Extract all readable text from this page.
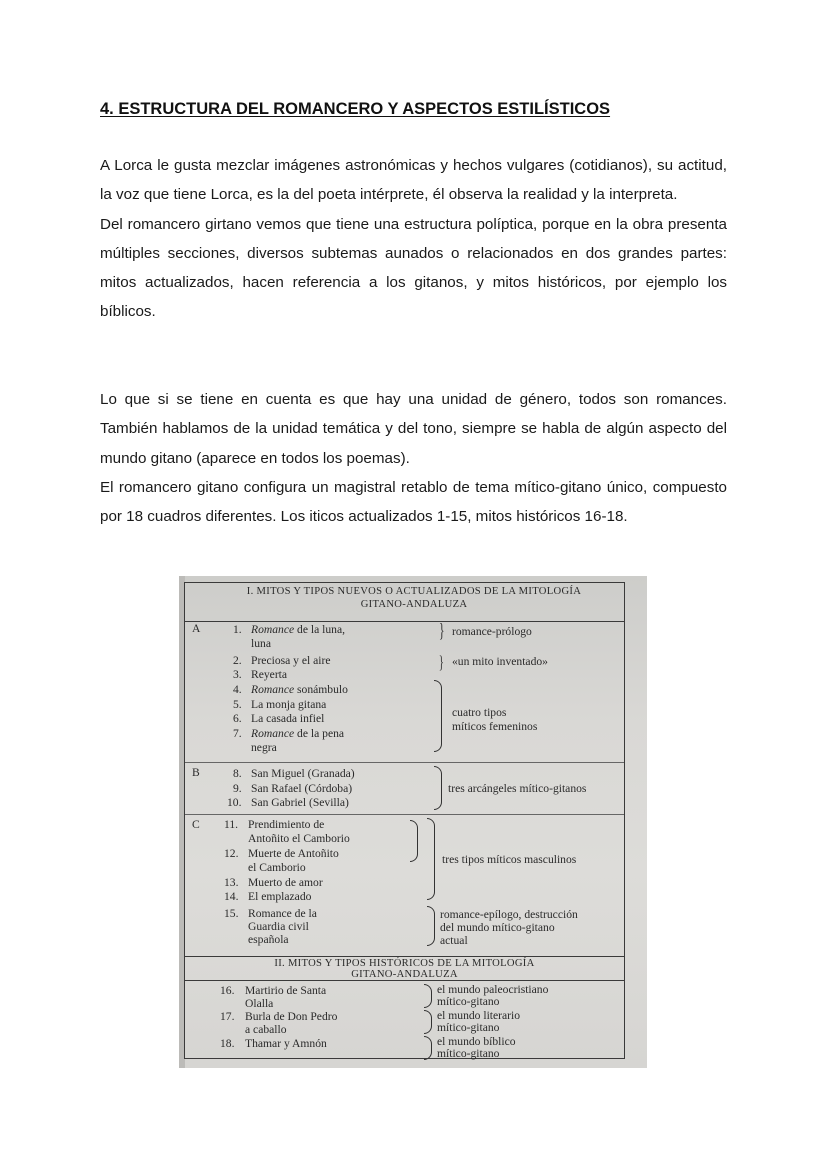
4. ESTRUCTURA DEL ROMANCERO Y ASPECTOS ESTILÍSTICOS

A Lorca le gusta mezclar imágenes astronómicas y hechos vulgares (cotidianos), su actitud, la voz que tiene Lorca, es la del poeta intérprete, él observa la realidad y la interpreta.

Del romancero girtano vemos que tiene una estructura políptica, porque en la obra presenta múltiples secciones, diversos subtemas aunados o relacionados en dos grandes partes: mitos actualizados, hacen referencia a los gitanos, y mitos históricos, por ejemplo los bíblicos.

Lo que si se tiene en cuenta es que hay una unidad de género, todos son romances. También hablamos de la unidad temática y del tono, siempre se habla de algún aspecto del mundo gitano (aparece en todos los poemas).

El romancero gitano configura un magistral retablo de tema mítico-gitano único, compuesto por 18 cuadros diferentes. Los iticos actualizados 1-15, mitos históricos 16-18.

I. MITOS Y TIPOS NUEVOS O ACTUALIZADOS DE LA MITOLOGÍA
GITANO-ANDALUZA
A
B
C
1. Romance de la luna,
luna
2. Preciosa y el aire
3. Reyerta
4. Romance sonámbulo
5. La monja gitana
6. La casada infiel
7. Romance de la pena
negra
} romance-prólogo
} «un mito inventado»
cuatro tipos
míticos femeninos
8. San Miguel (Granada)
9. San Rafael (Córdoba)
10. San Gabriel (Sevilla)
tres arcángeles mítico-gitanos
11. Prendimiento de
Antoñito el Camborio
12. Muerte de Antoñito
el Camborio
13. Muerto de amor
14. El emplazado
15. Romance de la
Guardia civil
española
tres tipos míticos masculinos
romance-epílogo, destrucción
del mundo mítico-gitano
actual
II. MITOS Y TIPOS HISTÓRICOS DE LA MITOLOGÍA
GITANO-ANDALUZA
16. Martirio de Santa
Olalla
17. Burla de Don Pedro
a caballo
18. Thamar y Amnón
el mundo paleocristiano
mítico-gitano
el mundo literario
mítico-gitano
el mundo bíblico
mítico-gitano
